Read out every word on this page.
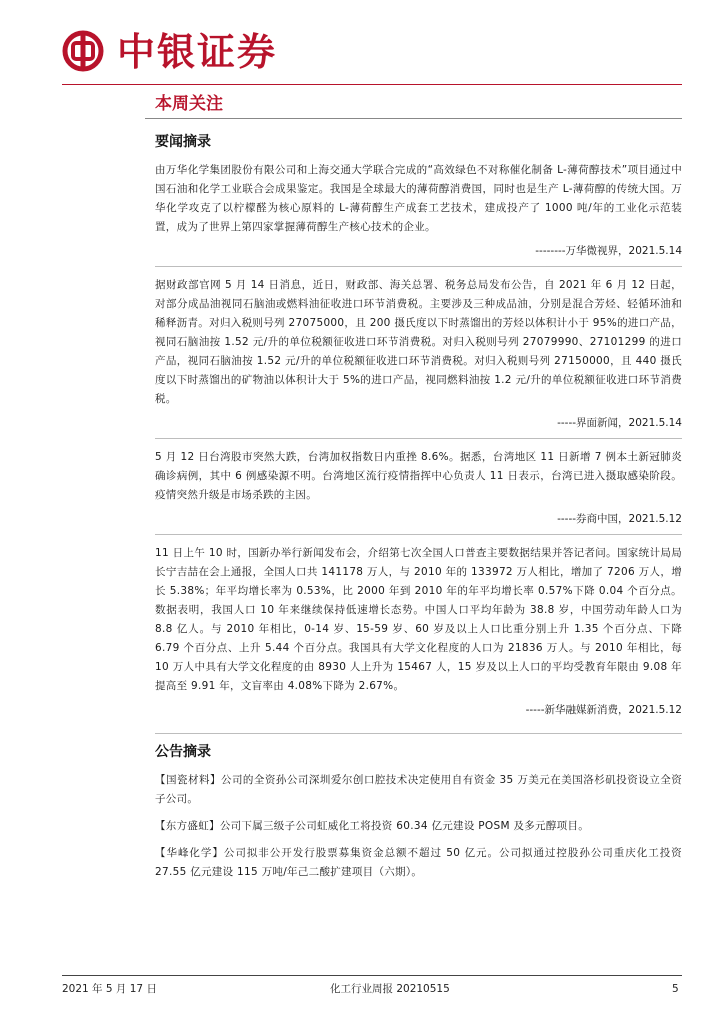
中银证券
本周关注
要闻摘录

由万华化学集团股份有限公司和上海交通大学联合完成的“高效绿色不对称催化制备 L-薄荷醇技术”项目通过中国石油和化学工业联合会成果鉴定。我国是全球最大的薄荷醇消费国，同时也是生产 L-薄荷醇的传统大国。万华化学攻克了以柠檬醛为核心原料的 L-薄荷醇生产成套工艺技术，建成投产了 1000 吨/年的工业化示范装置，成为了世界上第四家掌握薄荷醇生产核心技术的企业。

--------万华微视界，2021.5.14

据财政部官网 5 月 14 日消息，近日，财政部、海关总署、税务总局发布公告，自 2021 年 6 月 12 日起，对部分成品油视同石脑油或燃料油征收进口环节消费税。主要涉及三种成品油，分别是混合芳烃、轻循环油和稀释沥青。对归入税则号列 27075000，且 200 摄氏度以下时蒸馏出的芳烃以体积计小于 95%的进口产品，视同石脑油按 1.52 元/升的单位税额征收进口环节消费税。对归入税则号列 27079990、27101299 的进口产品，视同石脑油按 1.52 元/升的单位税额征收进口环节消费税。对归入税则号列 27150000，且 440 摄氏度以下时蒸馏出的矿物油以体积计大于 5%的进口产品，视同燃料油按 1.2 元/升的单位税额征收进口环节消费税。

-----界面新闻，2021.5.14

5 月 12 日台湾股市突然大跌，台湾加权指数日内重挫 8.6%。据悉，台湾地区 11 日新增 7 例本土新冠肺炎确诊病例，其中 6 例感染源不明。台湾地区流行疫情指挥中心负责人 11 日表示，台湾已进入摄取感染阶段。疫情突然升级是市场杀跌的主因。

-----券商中国，2021.5.12

11 日上午 10 时，国新办举行新闻发布会，介绍第七次全国人口普查主要数据结果并答记者问。国家统计局局长宁吉喆在会上通报，全国人口共 141178 万人，与 2010 年的 133972 万人相比，增加了 7206 万人，增长 5.38%；年平均增长率为 0.53%，比 2000 年到 2010 年的年平均增长率 0.57%下降 0.04 个百分点。数据表明，我国人口 10 年来继续保持低速增长态势。中国人口平均年龄为 38.8 岁，中国劳动年龄人口为 8.8 亿人。与 2010 年相比，0-14 岁、15-59 岁、60 岁及以上人口比重分别上升 1.35 个百分点、下降 6.79 个百分点、上升 5.44 个百分点。我国具有大学文化程度的人口为 21836 万人。与 2010 年相比，每 10 万人中具有大学文化程度的由 8930 人上升为 15467 人，15 岁及以上人口的平均受教育年限由 9.08 年提高至 9.91 年，文盲率由 4.08%下降为 2.67%。

-----新华融媒新消费，2021.5.12
公告摘录

【国瓷材料】公司的全资孙公司深圳爱尔创口腔技术决定使用自有资金 35 万美元在美国洛杉矶投资设立全资子公司。

【东方盛虹】公司下属三级子公司虹威化工将投资 60.34 亿元建设 POSM 及多元醇项目。

【华峰化学】公司拟非公开发行股票募集资金总额不超过 50 亿元。公司拟通过控股孙公司重庆化工投资 27.55 亿元建设 115 万吨/年己二酸扩建项目（六期）。

2021 年 5 月 17 日	化工行业周报 20210515	5
